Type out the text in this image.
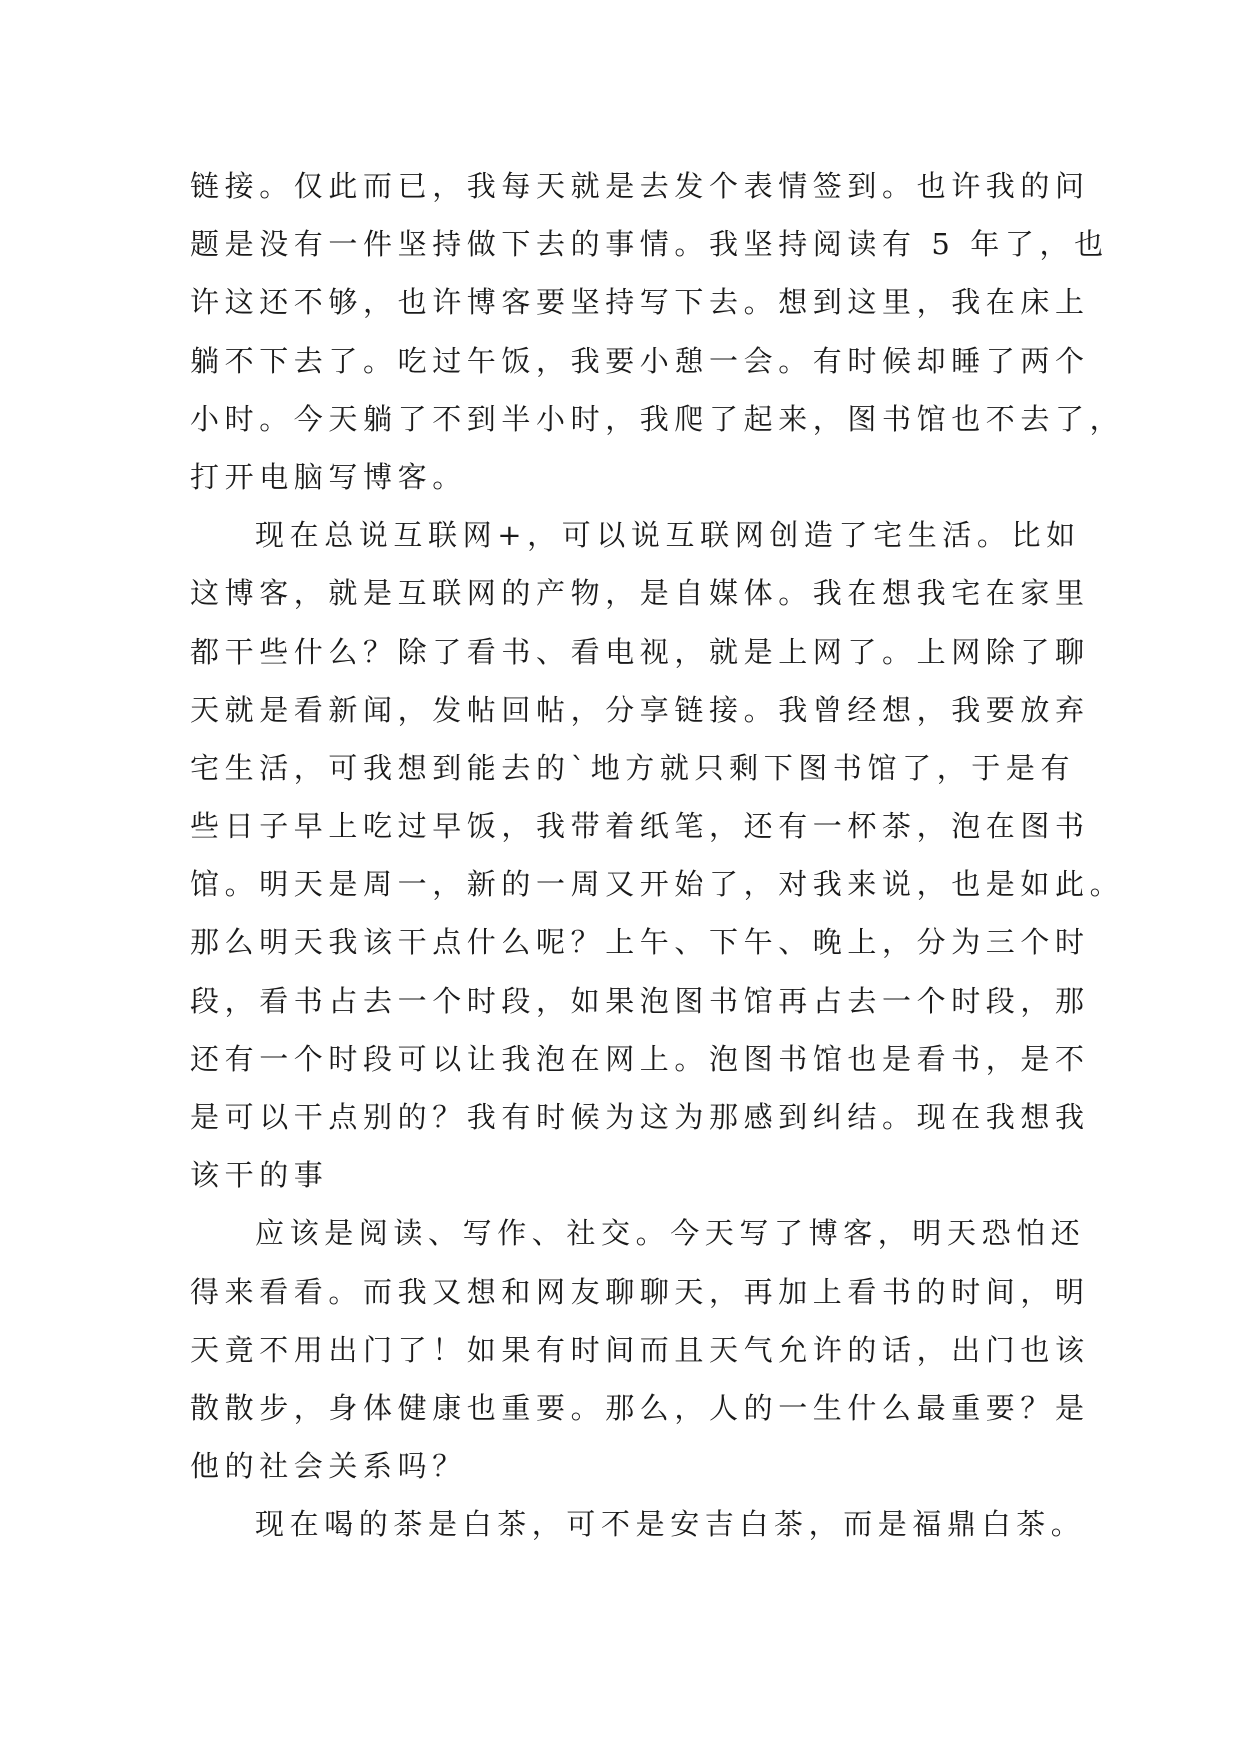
链接。仅此而已，我每天就是去发个表情签到。也许我的问
题是没有一件坚持做下去的事情。我坚持阅读有 5 年了，也
许这还不够，也许博客要坚持写下去。想到这里，我在床上
躺不下去了。吃过午饭，我要小憩一会。有时候却睡了两个
小时。今天躺了不到半小时，我爬了起来，图书馆也不去了，
打开电脑写博客。
现在总说互联网+，可以说互联网创造了宅生活。比如
这博客，就是互联网的产物，是自媒体。我在想我宅在家里
都干些什么？除了看书、看电视，就是上网了。上网除了聊
天就是看新闻，发帖回帖，分享链接。我曾经想，我要放弃
宅生活，可我想到能去的`地方就只剩下图书馆了，于是有
些日子早上吃过早饭，我带着纸笔，还有一杯茶，泡在图书
馆。明天是周一，新的一周又开始了，对我来说，也是如此。
那么明天我该干点什么呢？上午、下午、晚上，分为三个时
段，看书占去一个时段，如果泡图书馆再占去一个时段，那
还有一个时段可以让我泡在网上。泡图书馆也是看书，是不
是可以干点别的？我有时候为这为那感到纠结。现在我想我
该干的事
应该是阅读、写作、社交。今天写了博客，明天恐怕还
得来看看。而我又想和网友聊聊天，再加上看书的时间，明
天竟不用出门了！如果有时间而且天气允许的话，出门也该
散散步，身体健康也重要。那么，人的一生什么最重要？是
他的社会关系吗？
现在喝的茶是白茶，可不是安吉白茶，而是福鼎白茶。
